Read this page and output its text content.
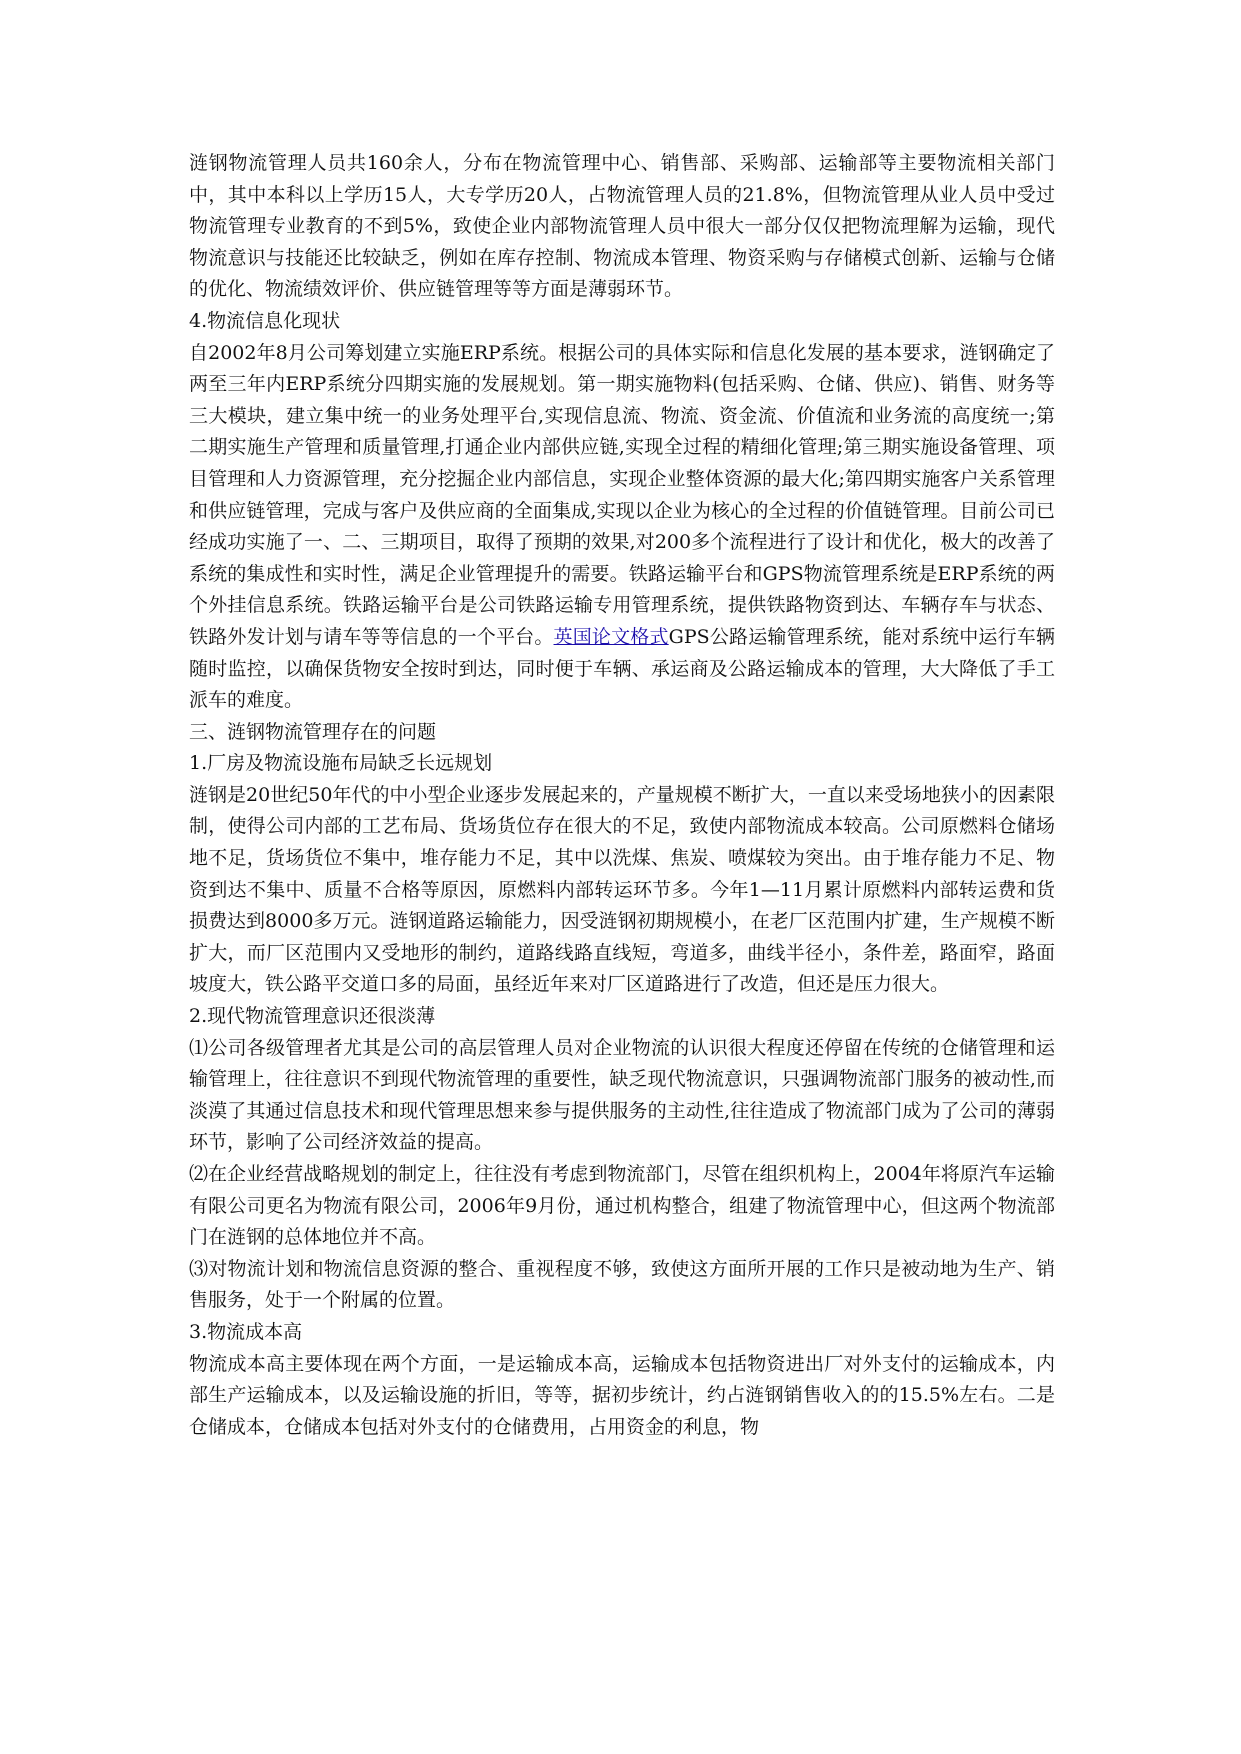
涟钢物流管理人员共160余人，分布在物流管理中心、销售部、采购部、运输部等主要物流相关部门中，其中本科以上学历15人，大专学历20人，占物流管理人员的21.8%，但物流管理从业人员中受过物流管理专业教育的不到5%，致使企业内部物流管理人员中很大一部分仅仅把物流理解为运输，现代物流意识与技能还比较缺乏，例如在库存控制、物流成本管理、物资采购与存储模式创新、运输与仓储的优化、物流绩效评价、供应链管理等等方面是薄弱环节。

4.物流信息化现状

自2002年8月公司筹划建立实施ERP系统。根据公司的具体实际和信息化发展的基本要求，涟钢确定了两至三年内ERP系统分四期实施的发展规划。第一期实施物料(包括采购、仓储、供应)、销售、财务等三大模块，建立集中统一的业务处理平台,实现信息流、物流、资金流、价值流和业务流的高度统一;第二期实施生产管理和质量管理,打通企业内部供应链,实现全过程的精细化管理;第三期实施设备管理、项目管理和人力资源管理，充分挖掘企业内部信息，实现企业整体资源的最大化;第四期实施客户关系管理和供应链管理，完成与客户及供应商的全面集成,实现以企业为核心的全过程的价值链管理。目前公司已经成功实施了一、二、三期项目，取得了预期的效果,对200多个流程进行了设计和优化，极大的改善了系统的集成性和实时性，满足企业管理提升的需要。铁路运输平台和GPS物流管理系统是ERP系统的两个外挂信息系统。铁路运输平台是公司铁路运输专用管理系统，提供铁路物资到达、车辆存车与状态、铁路外发计划与请车等等信息的一个平台。英国论文格式GPS公路运输管理系统，能对系统中运行车辆随时监控，以确保货物安全按时到达，同时便于车辆、承运商及公路运输成本的管理，大大降低了手工派车的难度。

三、涟钢物流管理存在的问题

1.厂房及物流设施布局缺乏长远规划

涟钢是20世纪50年代的中小型企业逐步发展起来的，产量规模不断扩大，一直以来受场地狭小的因素限制，使得公司内部的工艺布局、货场货位存在很大的不足，致使内部物流成本较高。公司原燃料仓储场地不足，货场货位不集中，堆存能力不足，其中以洗煤、焦炭、喷煤较为突出。由于堆存能力不足、物资到达不集中、质量不合格等原因，原燃料内部转运环节多。今年1—11月累计原燃料内部转运费和货损费达到8000多万元。涟钢道路运输能力，因受涟钢初期规模小，在老厂区范围内扩建，生产规模不断扩大，而厂区范围内又受地形的制约，道路线路直线短，弯道多，曲线半径小，条件差，路面窄，路面坡度大，铁公路平交道口多的局面，虽经近年来对厂区道路进行了改造，但还是压力很大。

2.现代物流管理意识还很淡薄

⑴公司各级管理者尤其是公司的高层管理人员对企业物流的认识很大程度还停留在传统的仓储管理和运输管理上，往往意识不到现代物流管理的重要性，缺乏现代物流意识，只强调物流部门服务的被动性,而淡漠了其通过信息技术和现代管理思想来参与提供服务的主动性,往往造成了物流部门成为了公司的薄弱环节，影响了公司经济效益的提高。

⑵在企业经营战略规划的制定上，往往没有考虑到物流部门，尽管在组织机构上，2004年将原汽车运输有限公司更名为物流有限公司，2006年9月份，通过机构整合，组建了物流管理中心，但这两个物流部门在涟钢的总体地位并不高。

⑶对物流计划和物流信息资源的整合、重视程度不够，致使这方面所开展的工作只是被动地为生产、销售服务，处于一个附属的位置。

3.物流成本高

物流成本高主要体现在两个方面，一是运输成本高，运输成本包括物资进出厂对外支付的运输成本，内部生产运输成本，以及运输设施的折旧，等等，据初步统计，约占涟钢销售收入的的15.5%左右。二是仓储成本，仓储成本包括对外支付的仓储费用，占用资金的利息，物
